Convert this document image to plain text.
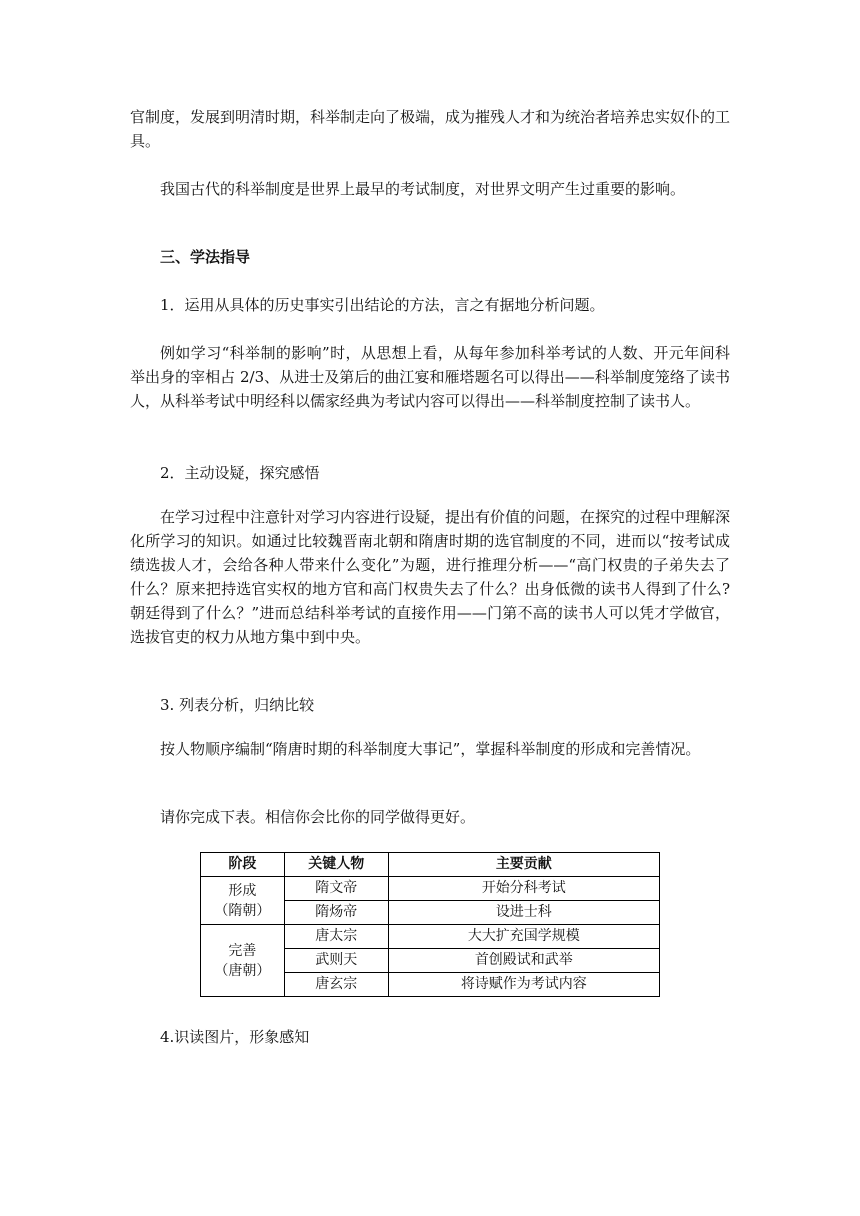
官制度，发展到明清时期，科举制走向了极端，成为摧残人才和为统治者培养忠实奴仆的工具。

我国古代的科举制度是世界上最早的考试制度，对世界文明产生过重要的影响。

三、学法指导

1．运用从具体的历史事实引出结论的方法，言之有据地分析问题。

例如学习“科举制的影响”时，从思想上看，从每年参加科举考试的人数、开元年间科举出身的宰相占 2/3、从进士及第后的曲江宴和雁塔题名可以得出——科举制度笼络了读书人，从科举考试中明经科以儒家经典为考试内容可以得出——科举制度控制了读书人。

2．主动设疑，探究感悟

在学习过程中注意针对学习内容进行设疑，提出有价值的问题，在探究的过程中理解深化所学习的知识。如通过比较魏晋南北朝和隋唐时期的选官制度的不同，进而以“按考试成绩选拔人才，会给各种人带来什么变化”为题，进行推理分析——“高门权贵的子弟失去了什么？原来把持选官实权的地方官和高门权贵失去了什么？出身低微的读书人得到了什么?朝廷得到了什么？”进而总结科举考试的直接作用——门第不高的读书人可以凭才学做官，选拔官吏的权力从地方集中到中央。

3. 列表分析，归纳比较

按人物顺序编制“隋唐时期的科举制度大事记”，掌握科举制度的形成和完善情况。

请你完成下表。相信你会比你的同学做得更好。

阶段	关键人物	主要贡献

形成
（隋朝）	隋文帝	开始分科考试
	隋炀帝	设进士科

完善
（唐朝）	唐太宗	大大扩充国学规模
	武则天	首创殿试和武举
	唐玄宗	将诗赋作为考试内容

4.识读图片，形象感知
